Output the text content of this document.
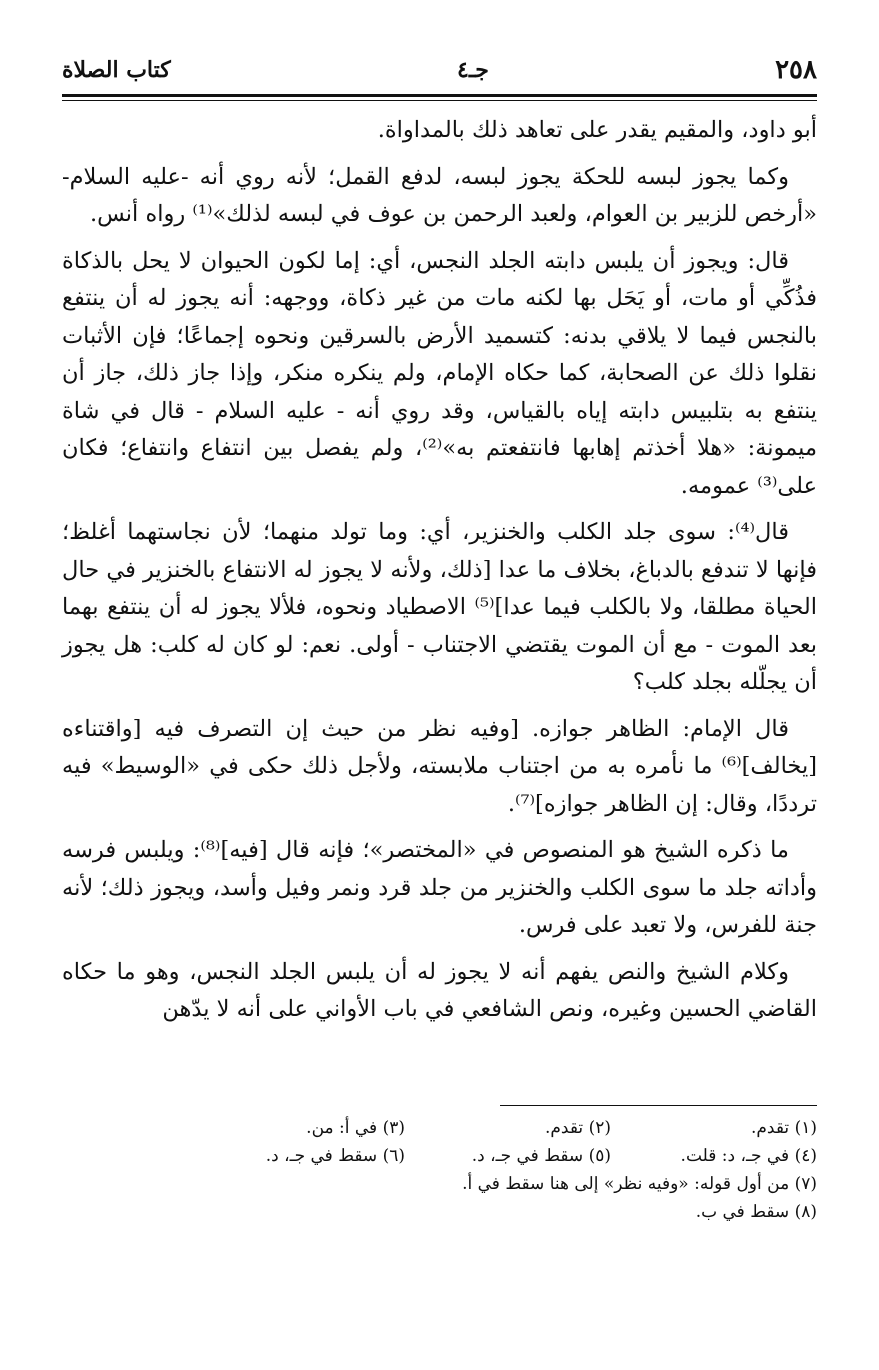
٢٥٨
جـ٤
كتاب الصلاة

أبو داود، والمقيم يقدر على تعاهد ذلك بالمداواة.

وكما يجوز لبسه للحكة يجوز لبسه، لدفع القمل؛ لأنه روي أنه -عليه السلام- «أرخص للزبير بن العوام، ولعبد الرحمن بن عوف في لبسه لذلك»⁽¹⁾ رواه أنس.

قال: ويجوز أن يلبس دابته الجلد النجس، أي: إما لكون الحيوان لا يحل بالذكاة فذُكِّي أو مات، أو يَحَل بها لكنه مات من غير ذكاة، ووجهه: أنه يجوز له أن ينتفع بالنجس فيما لا يلاقي بدنه: كتسميد الأرض بالسرقين ونحوه إجماعًا؛ فإن الأثبات نقلوا ذلك عن الصحابة، كما حكاه الإمام، ولم ينكره منكر، وإذا جاز ذلك، جاز أن ينتفع به بتلبيس دابته إياه بالقياس، وقد روي أنه - عليه السلام - قال في شاة ميمونة: «هلا أخذتم إهابها فانتفعتم به»⁽²⁾، ولم يفصل بين انتفاع وانتفاع؛ فكان على⁽³⁾ عمومه.

قال⁽⁴⁾: سوى جلد الكلب والخنزير، أي: وما تولد منهما؛ لأن نجاستهما أغلظ؛ فإنها لا تندفع بالدباغ، بخلاف ما عدا [ذلك، ولأنه لا يجوز له الانتفاع بالخنزير في حال الحياة مطلقا، ولا بالكلب فيما عدا]⁽⁵⁾ الاصطياد ونحوه، فلألا يجوز له أن ينتفع بهما بعد الموت - مع أن الموت يقتضي الاجتناب - أولى. نعم: لو كان له كلب: هل يجوز أن يجلّله بجلد كلب؟

قال الإمام: الظاهر جوازه. [وفيه نظر من حيث إن التصرف فيه [واقتناءه [يخالف]⁽⁶⁾ ما نأمره به من اجتناب ملابسته، ولأجل ذلك حكى في «الوسيط» فيه ترددًا، وقال: إن الظاهر جوازه]⁽⁷⁾.

ما ذكره الشيخ هو المنصوص في «المختصر»؛ فإنه قال [فيه]⁽⁸⁾: ويلبس فرسه وأداته جلد ما سوى الكلب والخنزير من جلد قرد ونمر وفيل وأسد، ويجوز ذلك؛ لأنه جنة للفرس، ولا تعبد على فرس.

وكلام الشيخ والنص يفهم أنه لا يجوز له أن يلبس الجلد النجس، وهو ما حكاه القاضي الحسين وغيره، ونص الشافعي في باب الأواني على أنه لا يدّهن

(١) تقدم.
(٢) تقدم.
(٣) في أ: من.
(٤) في جـ، د: قلت.
(٥) سقط في جـ، د.
(٦) سقط في جـ، د.
(٧) من أول قوله: «وفيه نظر» إلى هنا سقط في أ.
(٨) سقط في ب.
